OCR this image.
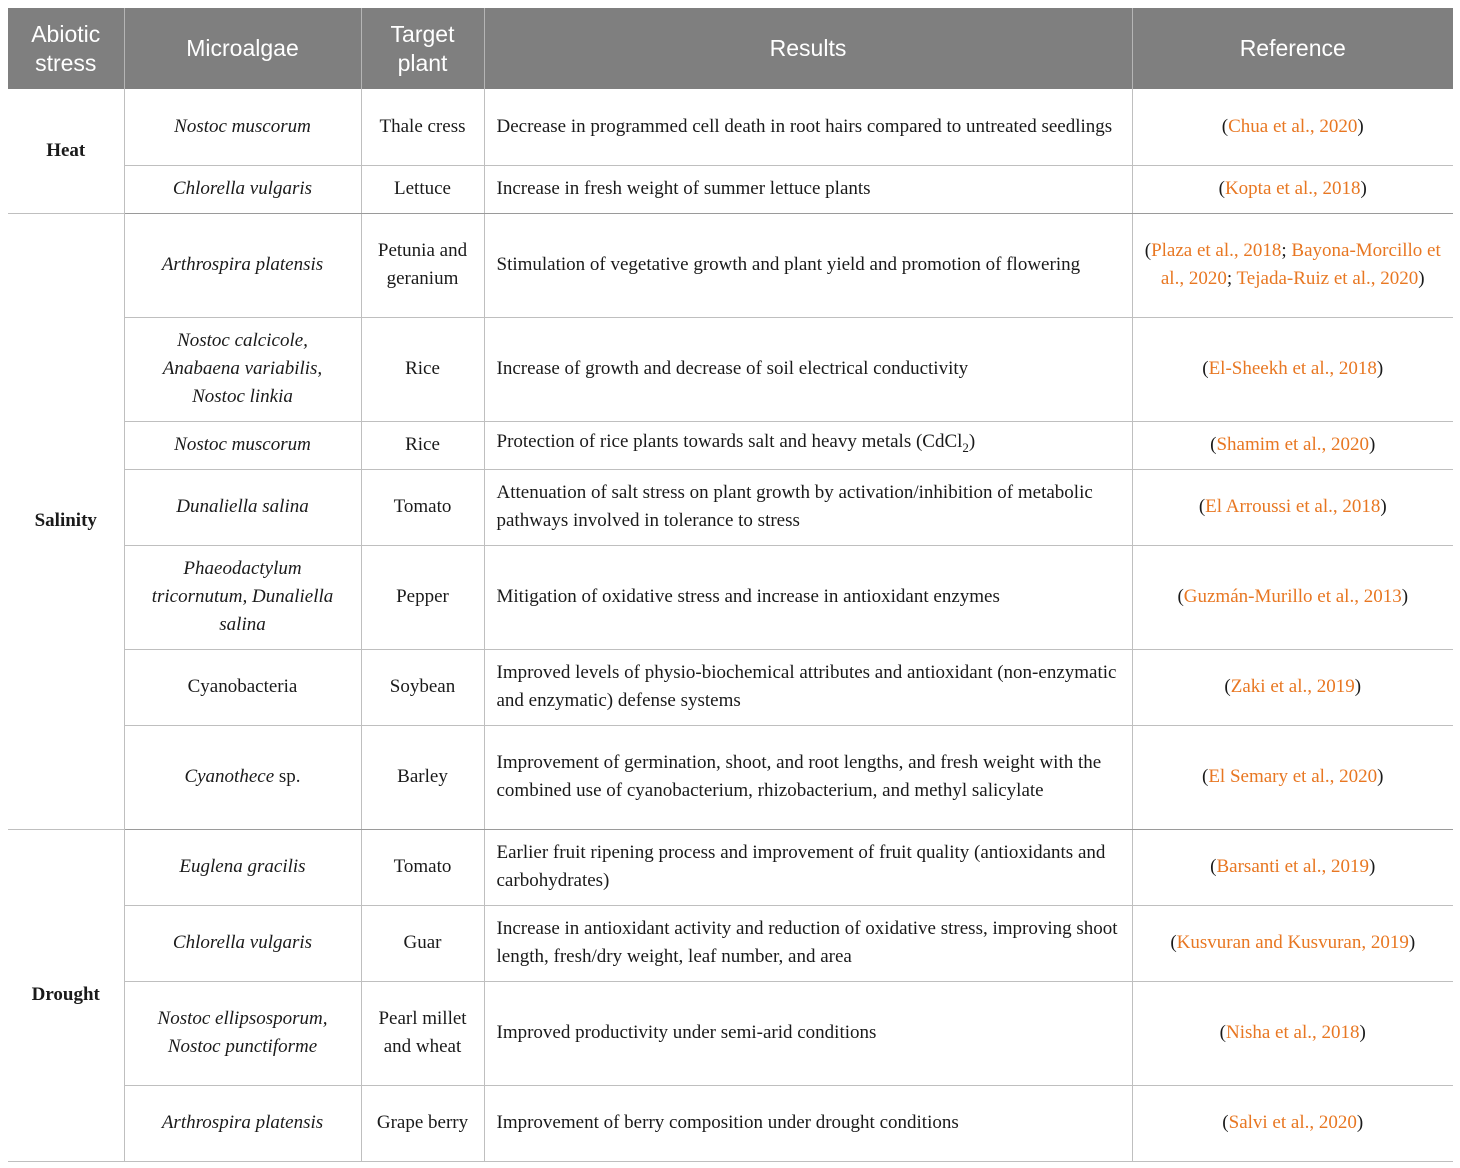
Abiotic stress	Microalgae	Target plant	Results	Reference
Heat	Nostoc muscorum	Thale cress	Decrease in programmed cell death in root hairs compared to untreated seedlings	(Chua et al., 2020)
	Chlorella vulgaris	Lettuce	Increase in fresh weight of summer lettuce plants	(Kopta et al., 2018)
Salinity	Arthrospira platensis	Petunia and geranium	Stimulation of vegetative growth and plant yield and promotion of flowering	(Plaza et al., 2018; Bayona-Morcillo et al., 2020; Tejada-Ruiz et al., 2020)
	Nostoc calcicole, Anabaena variabilis, Nostoc linkia	Rice	Increase of growth and decrease of soil electrical conductivity	(El-Sheekh et al., 2018)
	Nostoc muscorum	Rice	Protection of rice plants towards salt and heavy metals (CdCl$_2$)	(Shamim et al., 2020)
	Dunaliella salina	Tomato	Attenuation of salt stress on plant growth by activation/inhibition of metabolic pathways involved in tolerance to stress	(El Arroussi et al., 2018)
	Phaeodactylum tricornutum, Dunaliella salina	Pepper	Mitigation of oxidative stress and increase in antioxidant enzymes	(Guzmán-Murillo et al., 2013)
	Cyanobacteria	Soybean	Improved levels of physio-biochemical attributes and antioxidant (non-enzymatic and enzymatic) defense systems	(Zaki et al., 2019)
	Cyanothece sp.	Barley	Improvement of germination, shoot, and root lengths, and fresh weight with the combined use of cyanobacterium, rhizobacterium, and methyl salicylate	(El Semary et al., 2020)
Drought	Euglena gracilis	Tomato	Earlier fruit ripening process and improvement of fruit quality (antioxidants and carbohydrates)	(Barsanti et al., 2019)
	Chlorella vulgaris	Guar	Increase in antioxidant activity and reduction of oxidative stress, improving shoot length, fresh/dry weight, leaf number, and area	(Kusvuran and Kusvuran, 2019)
	Nostoc ellipsosporum, Nostoc punctiforme	Pearl millet and wheat	Improved productivity under semi-arid conditions	(Nisha et al., 2018)
	Arthrospira platensis	Grape berry	Improvement of berry composition under drought conditions	(Salvi et al., 2020)
